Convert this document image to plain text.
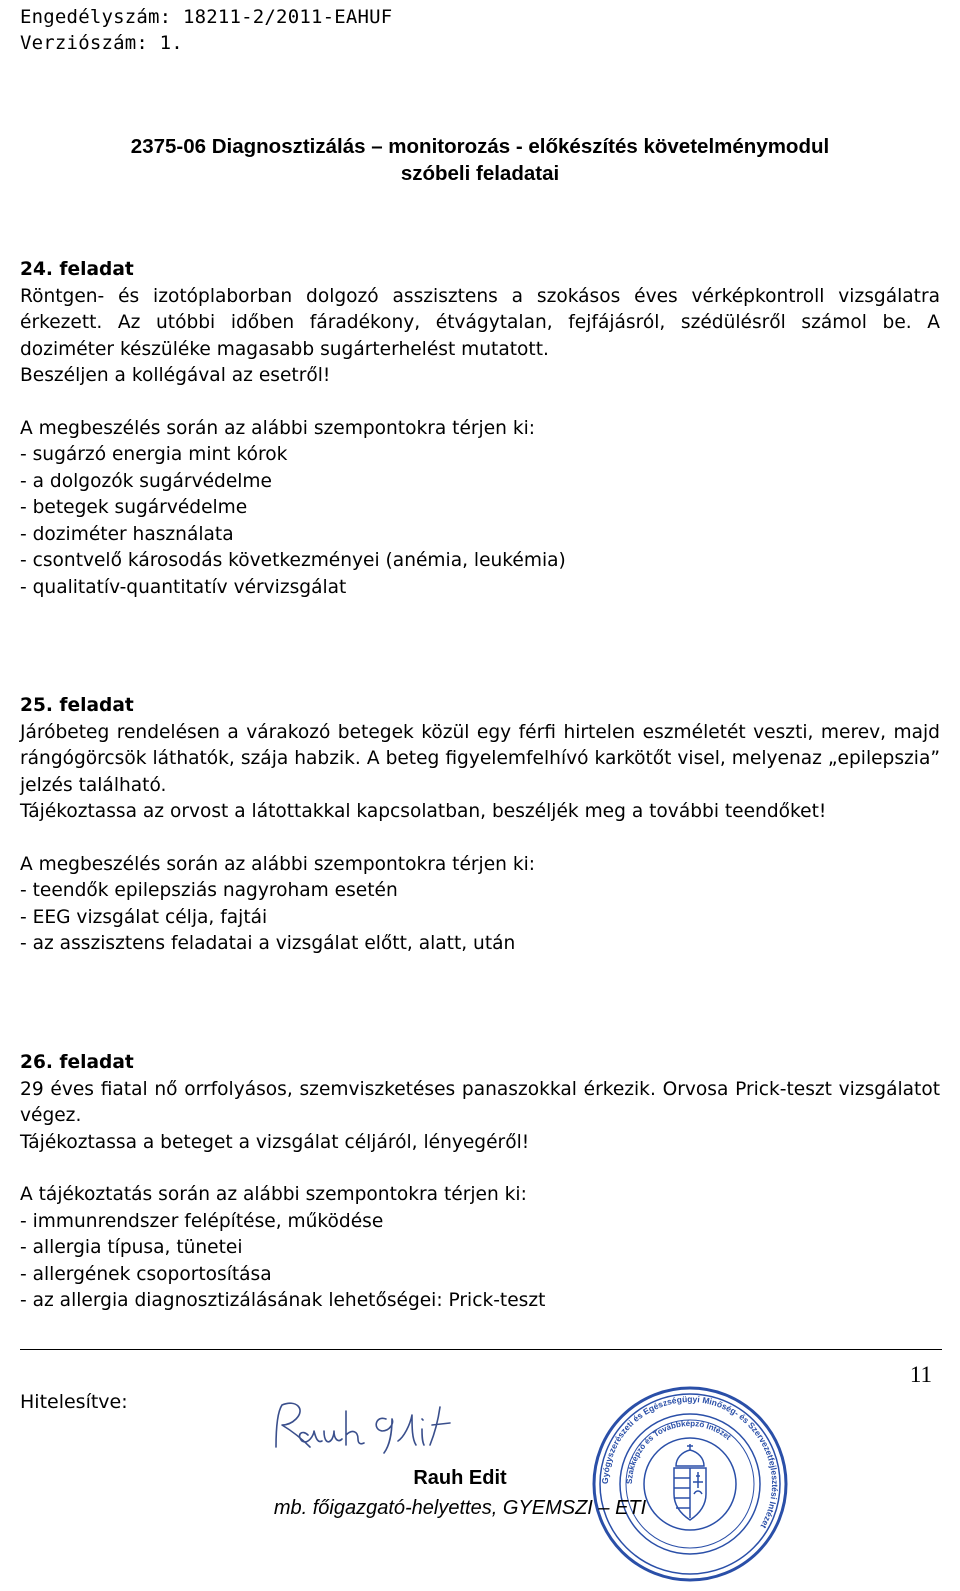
Engedélyszám: 18211-2/2011-EAHUF
Verziószám: 1.
2375-06 Diagnosztizálás – monitorozás - előkészítés követelménymodul
szóbeli feladatai
24. feladat
Röntgen- és izotóplaborban dolgozó asszisztens a szokásos éves vérképkontroll vizsgálatra érkezett. Az utóbbi időben fáradékony, étvágytalan, fejfájásról, szédülésről számol be. A doziméter készüléke magasabb sugárterhelést mutatott.
Beszéljen a kollégával az esetről!
A megbeszélés során az alábbi szempontokra térjen ki:
- sugárzó energia mint kórok
- a dolgozók sugárvédelme
- betegek sugárvédelme
- doziméter használata
- csontvelő károsodás következményei (anémia, leukémia)
- qualitatív-quantitatív vérvizsgálat
25. feladat
Járóbeteg rendelésen a várakozó betegek közül egy férfi hirtelen eszméletét veszti, merev, majd rángógörcsök láthatók, szája habzik. A beteg figyelemfelhívó karkötőt visel, melyenaz „epilepszia” jelzés található.
Tájékoztassa az orvost a látottakkal kapcsolatban, beszéljék meg a további teendőket!
A megbeszélés során az alábbi szempontokra térjen ki:
- teendők epilepsziás nagyroham esetén
- EEG vizsgálat célja, fajtái
- az asszisztens feladatai a vizsgálat előtt, alatt, után
26. feladat
29 éves fiatal nő orrfolyásos, szemviszketéses panaszokkal érkezik. Orvosa Prick-teszt vizsgálatot végez.
Tájékoztassa a beteget a vizsgálat céljáról, lényegéről!
A tájékoztatás során az alábbi szempontokra térjen ki:
- immunrendszer felépítése, működése
- allergia típusa, tünetei
- allergének csoportosítása
- az allergia diagnosztizálásának lehetőségei: Prick-teszt
11
Hitelesítve:
Gyógyszerészeti és Egészségügyi Minőség- és Szervezetfejlesztési Intézet
Szakképző és Továbbképző Intézet
Rauh Edit
mb. főigazgató-helyettes, GYEMSZI – ETI
